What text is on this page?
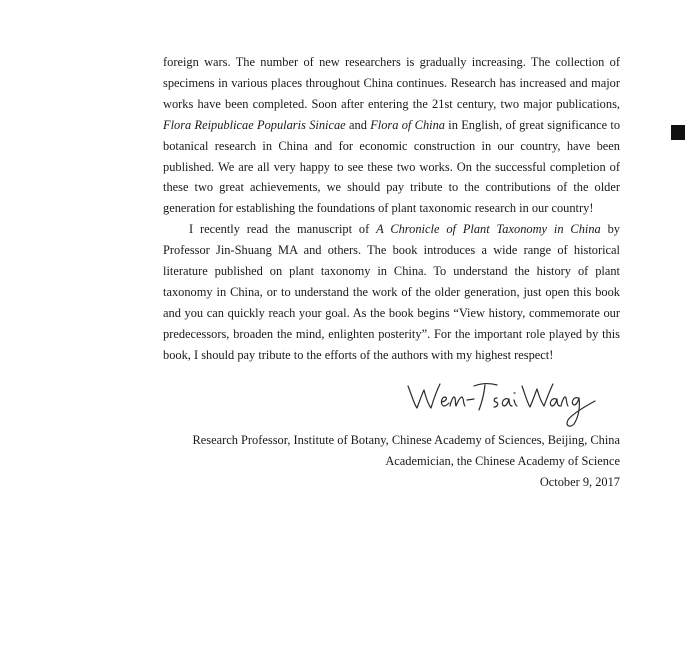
foreign wars. The number of new researchers is gradually increasing. The collection of specimens in various places throughout China continues. Research has increased and major works have been completed. Soon after entering the 21st century, two major publications, Flora Reipublicae Popularis Sinicae and Flora of China in English, of great significance to botanical research in China and for economic construction in our country, have been published. We are all very happy to see these two works. On the successful completion of these two great achievements, we should pay tribute to the contributions of the older generation for establishing the foundations of plant taxonomic research in our country!

I recently read the manuscript of A Chronicle of Plant Taxonomy in China by Professor Jin-Shuang MA and others. The book introduces a wide range of historical literature published on plant taxonomy in China. To understand the history of plant taxonomy in China, or to understand the work of the older generation, just open this book and you can quickly reach your goal. As the book begins “View history, commemorate our predecessors, broaden the mind, enlighten posterity”. For the important role played by this book, I should pay tribute to the efforts of the authors with my highest respect!

Research Professor, Institute of Botany, Chinese Academy of Sciences, Beijing, China
Academician, the Chinese Academy of Science
October 9, 2017
